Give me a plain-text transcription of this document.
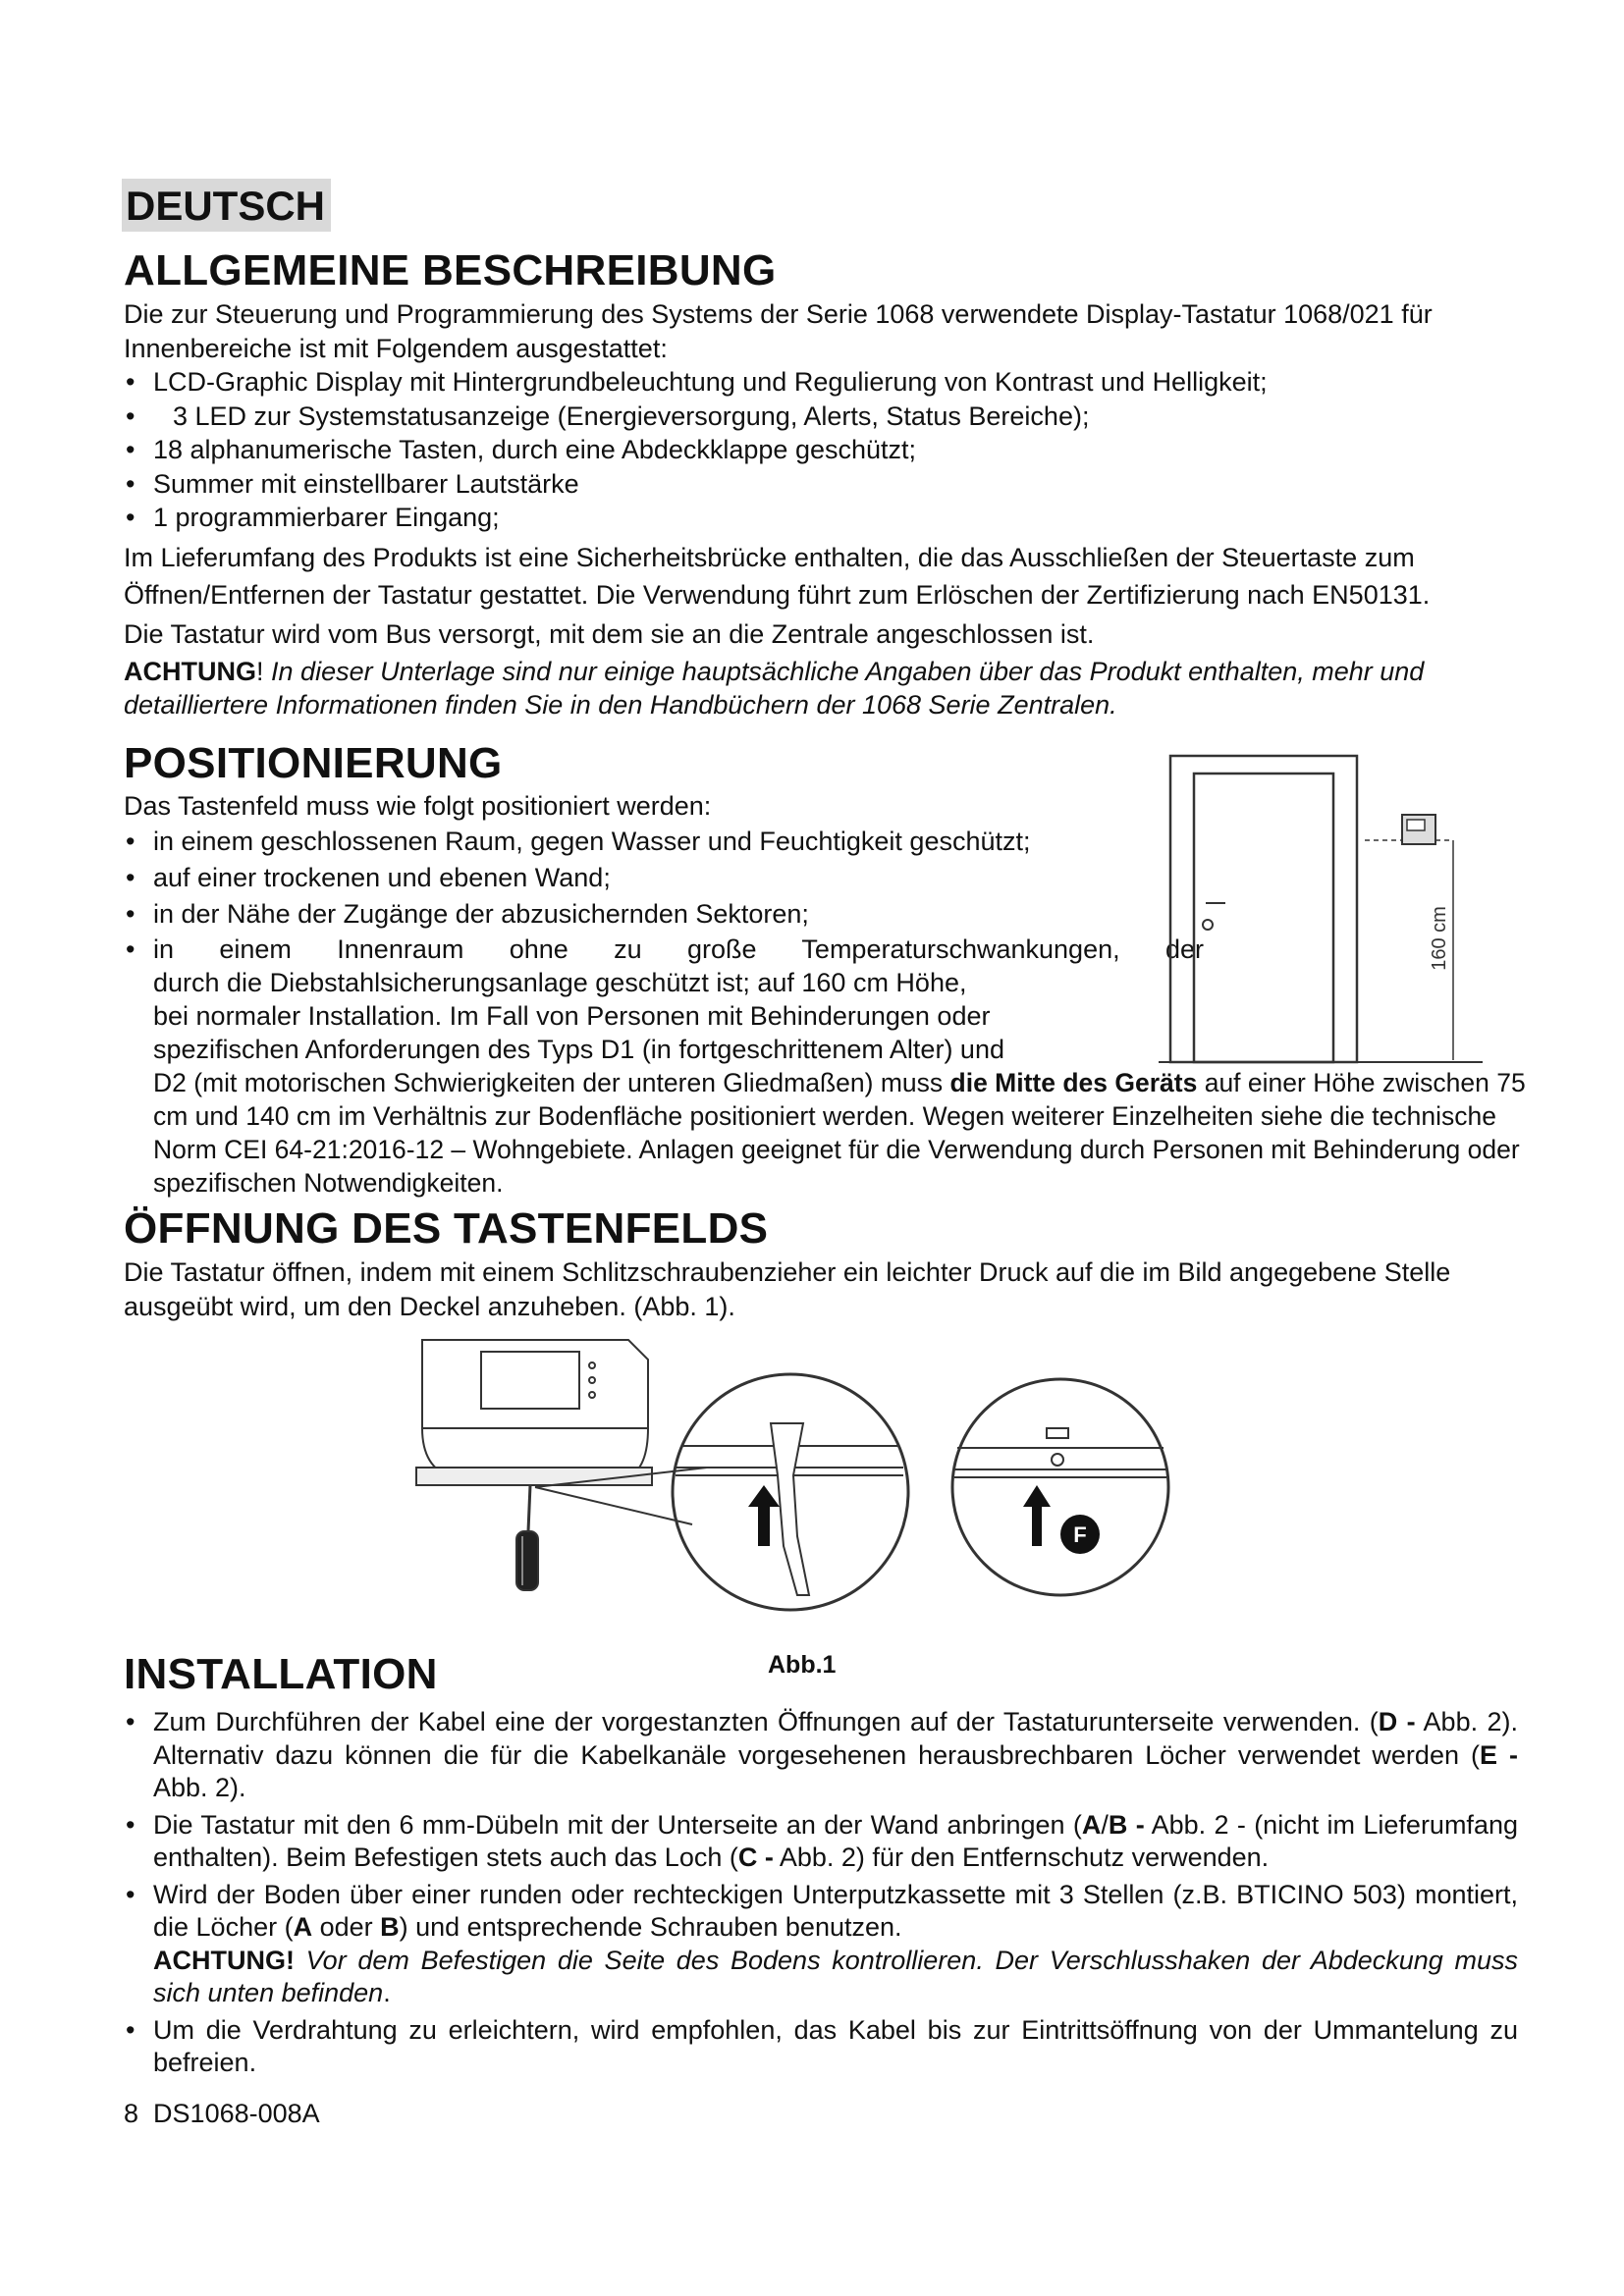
DEUTSCH
ALLGEMEINE BESCHREIBUNG

Die zur Steuerung und Programmierung des Systems der Serie 1068 verwendete Display-Tastatur 1068/021 für Innenbereiche ist mit Folgendem ausgestattet:

• LCD-Graphic Display mit Hintergrundbeleuchtung und Regulierung von Kontrast und Helligkeit;
• 3 LED zur Systemstatusanzeige (Energieversorgung, Alerts, Status Bereiche);
• 18 alphanumerische Tasten, durch eine Abdeckklappe geschützt;
• Summer mit einstellbarer Lautstärke
• 1 programmierbarer Eingang;

Im Lieferumfang des Produkts ist eine Sicherheitsbrücke enthalten, die das Ausschließen der Steuertaste zum Öffnen/Entfernen der Tastatur gestattet. Die Verwendung führt zum Erlöschen der Zertifizierung nach EN50131.

Die Tastatur wird vom Bus versorgt, mit dem sie an die Zentrale angeschlossen ist.

ACHTUNG! In dieser Unterlage sind nur einige hauptsächliche Angaben über das Produkt enthalten, mehr und detailliertere Informationen finden Sie in den Handbüchern der 1068 Serie Zentralen.

POSITIONIERUNG

Das Tastenfeld muss wie folgt positioniert werden:

• in einem geschlossenen Raum, gegen Wasser und Feuchtigkeit geschützt;
• auf einer trockenen und ebenen Wand;
• in der Nähe der Zugänge der abzusichernden Sektoren;
• in einem Innenraum ohne zu große Temperaturschwankungen, der
durch die Diebstahlsicherungsanlage geschützt ist; auf 160 cm Höhe,
bei normaler Installation. Im Fall von Personen mit Behinderungen oder
spezifischen Anforderungen des Typs D1 (in fortgeschrittenem Alter) und
D2 (mit motorischen Schwierigkeiten der unteren Gliedmaßen) muss die Mitte des Geräts auf einer Höhe zwischen 75 cm und 140 cm im Verhältnis zur Bodenfläche positioniert werden. Wegen weiterer Einzelheiten siehe die technische Norm CEI 64-21:2016-12 – Wohngebiete. Anlagen geeignet für die Verwendung durch Personen mit Behinderung oder spezifischen Notwendigkeiten.
160 cm
ÖFFNUNG DES TASTENFELDS
Die Tastatur öffnen, indem mit einem Schlitzschraubenzieher ein leichter Druck auf die im Bild angegebene Stelle
ausgeübt wird, um den Deckel anzuheben. (Abb. 1).
F
Abb.1
INSTALLATION
• Zum Durchführen der Kabel eine der vorgestanzten Öffnungen auf der Tastaturunterseite verwenden. (D - Abb. 2). Alternativ dazu können die für die Kabelkanäle vorgesehenen herausbrechbaren Löcher verwendet werden (E - Abb. 2).
• Die Tastatur mit den 6 mm-Dübeln mit der Unterseite an der Wand anbringen (A/B - Abb. 2 - (nicht im Lieferumfang enthalten). Beim Befestigen stets auch das Loch (C - Abb. 2) für den Entfernschutz verwenden.
• Wird der Boden über einer runden oder rechteckigen Unterputzkassette mit 3 Stellen (z.B. BTICINO 503) montiert, die Löcher (A oder B) und entsprechende Schrauben benutzen.
ACHTUNG! Vor dem Befestigen die Seite des Bodens kontrollieren. Der Verschlusshaken der Abdeckung muss sich unten befinden.
• Um die Verdrahtung zu erleichtern, wird empfohlen, das Kabel bis zur Eintrittsöffnung von der Ummantelung zu befreien.
8 DS1068-008A
